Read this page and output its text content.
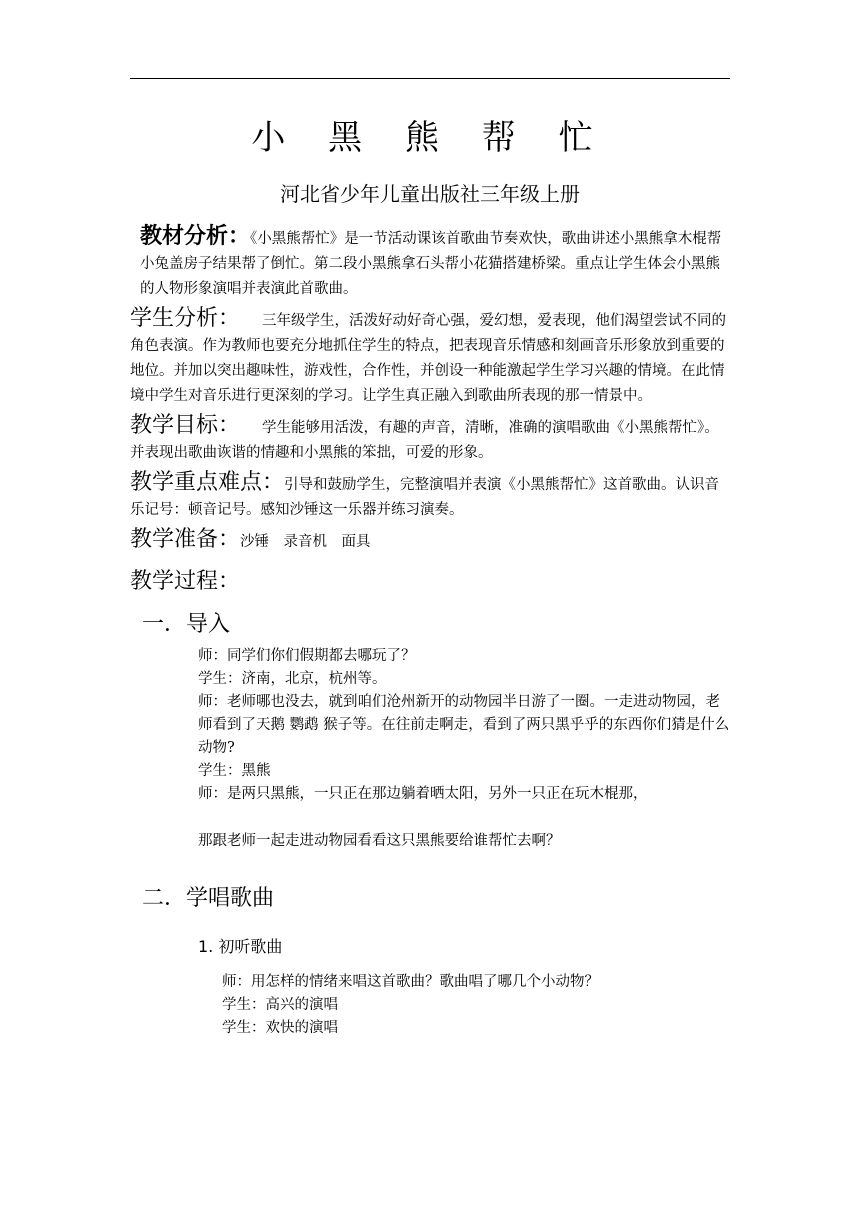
小 黑 熊 帮 忙
河北省少年儿童出版社三年级上册
教材分析：《小黑熊帮忙》是一节活动课该首歌曲节奏欢快，歌曲讲述小黑熊拿木棍帮小兔盖房子结果帮了倒忙。第二段小黑熊拿石头帮小花猫搭建桥梁。重点让学生体会小黑熊的人物形象演唱并表演此首歌曲。
学生分析： 三年级学生，活泼好动好奇心强，爱幻想，爱表现，他们渴望尝试不同的角色表演。作为教师也要充分地抓住学生的特点，把表现音乐情感和刻画音乐形象放到重要的地位。并加以突出趣味性，游戏性，合作性，并创设一种能激起学生学习兴趣的情境。在此情境中学生对音乐进行更深刻的学习。让学生真正融入到歌曲所表现的那一情景中。
教学目标： 学生能够用活泼，有趣的声音，清晰，准确的演唱歌曲《小黑熊帮忙》。并表现出歌曲诙谐的情趣和小黑熊的笨拙，可爱的形象。
教学重点难点：引导和鼓励学生，完整演唱并表演《小黑熊帮忙》这首歌曲。认识音乐记号：顿音记号。感知沙锤这一乐器并练习演奏。
教学准备：沙锤　录音机　面具
教学过程：
一．导入

师：同学们你们假期都去哪玩了？

学生：济南，北京，杭州等。

师：老师哪也没去，就到咱们沧州新开的动物园半日游了一圈。一走进动物园，老师看到了天鹅 鹦鹉 猴子等。在往前走啊走，看到了两只黑乎乎的东西你们猜是什么动物?

学生：黑熊

师：是两只黑熊，一只正在那边躺着晒太阳，另外一只正在玩木棍那，

那跟老师一起走进动物园看看这只黑熊要给谁帮忙去啊？

二．学唱歌曲
1. 初听歌曲

师：用怎样的情绪来唱这首歌曲？歌曲唱了哪几个小动物？

学生：高兴的演唱

学生：欢快的演唱
